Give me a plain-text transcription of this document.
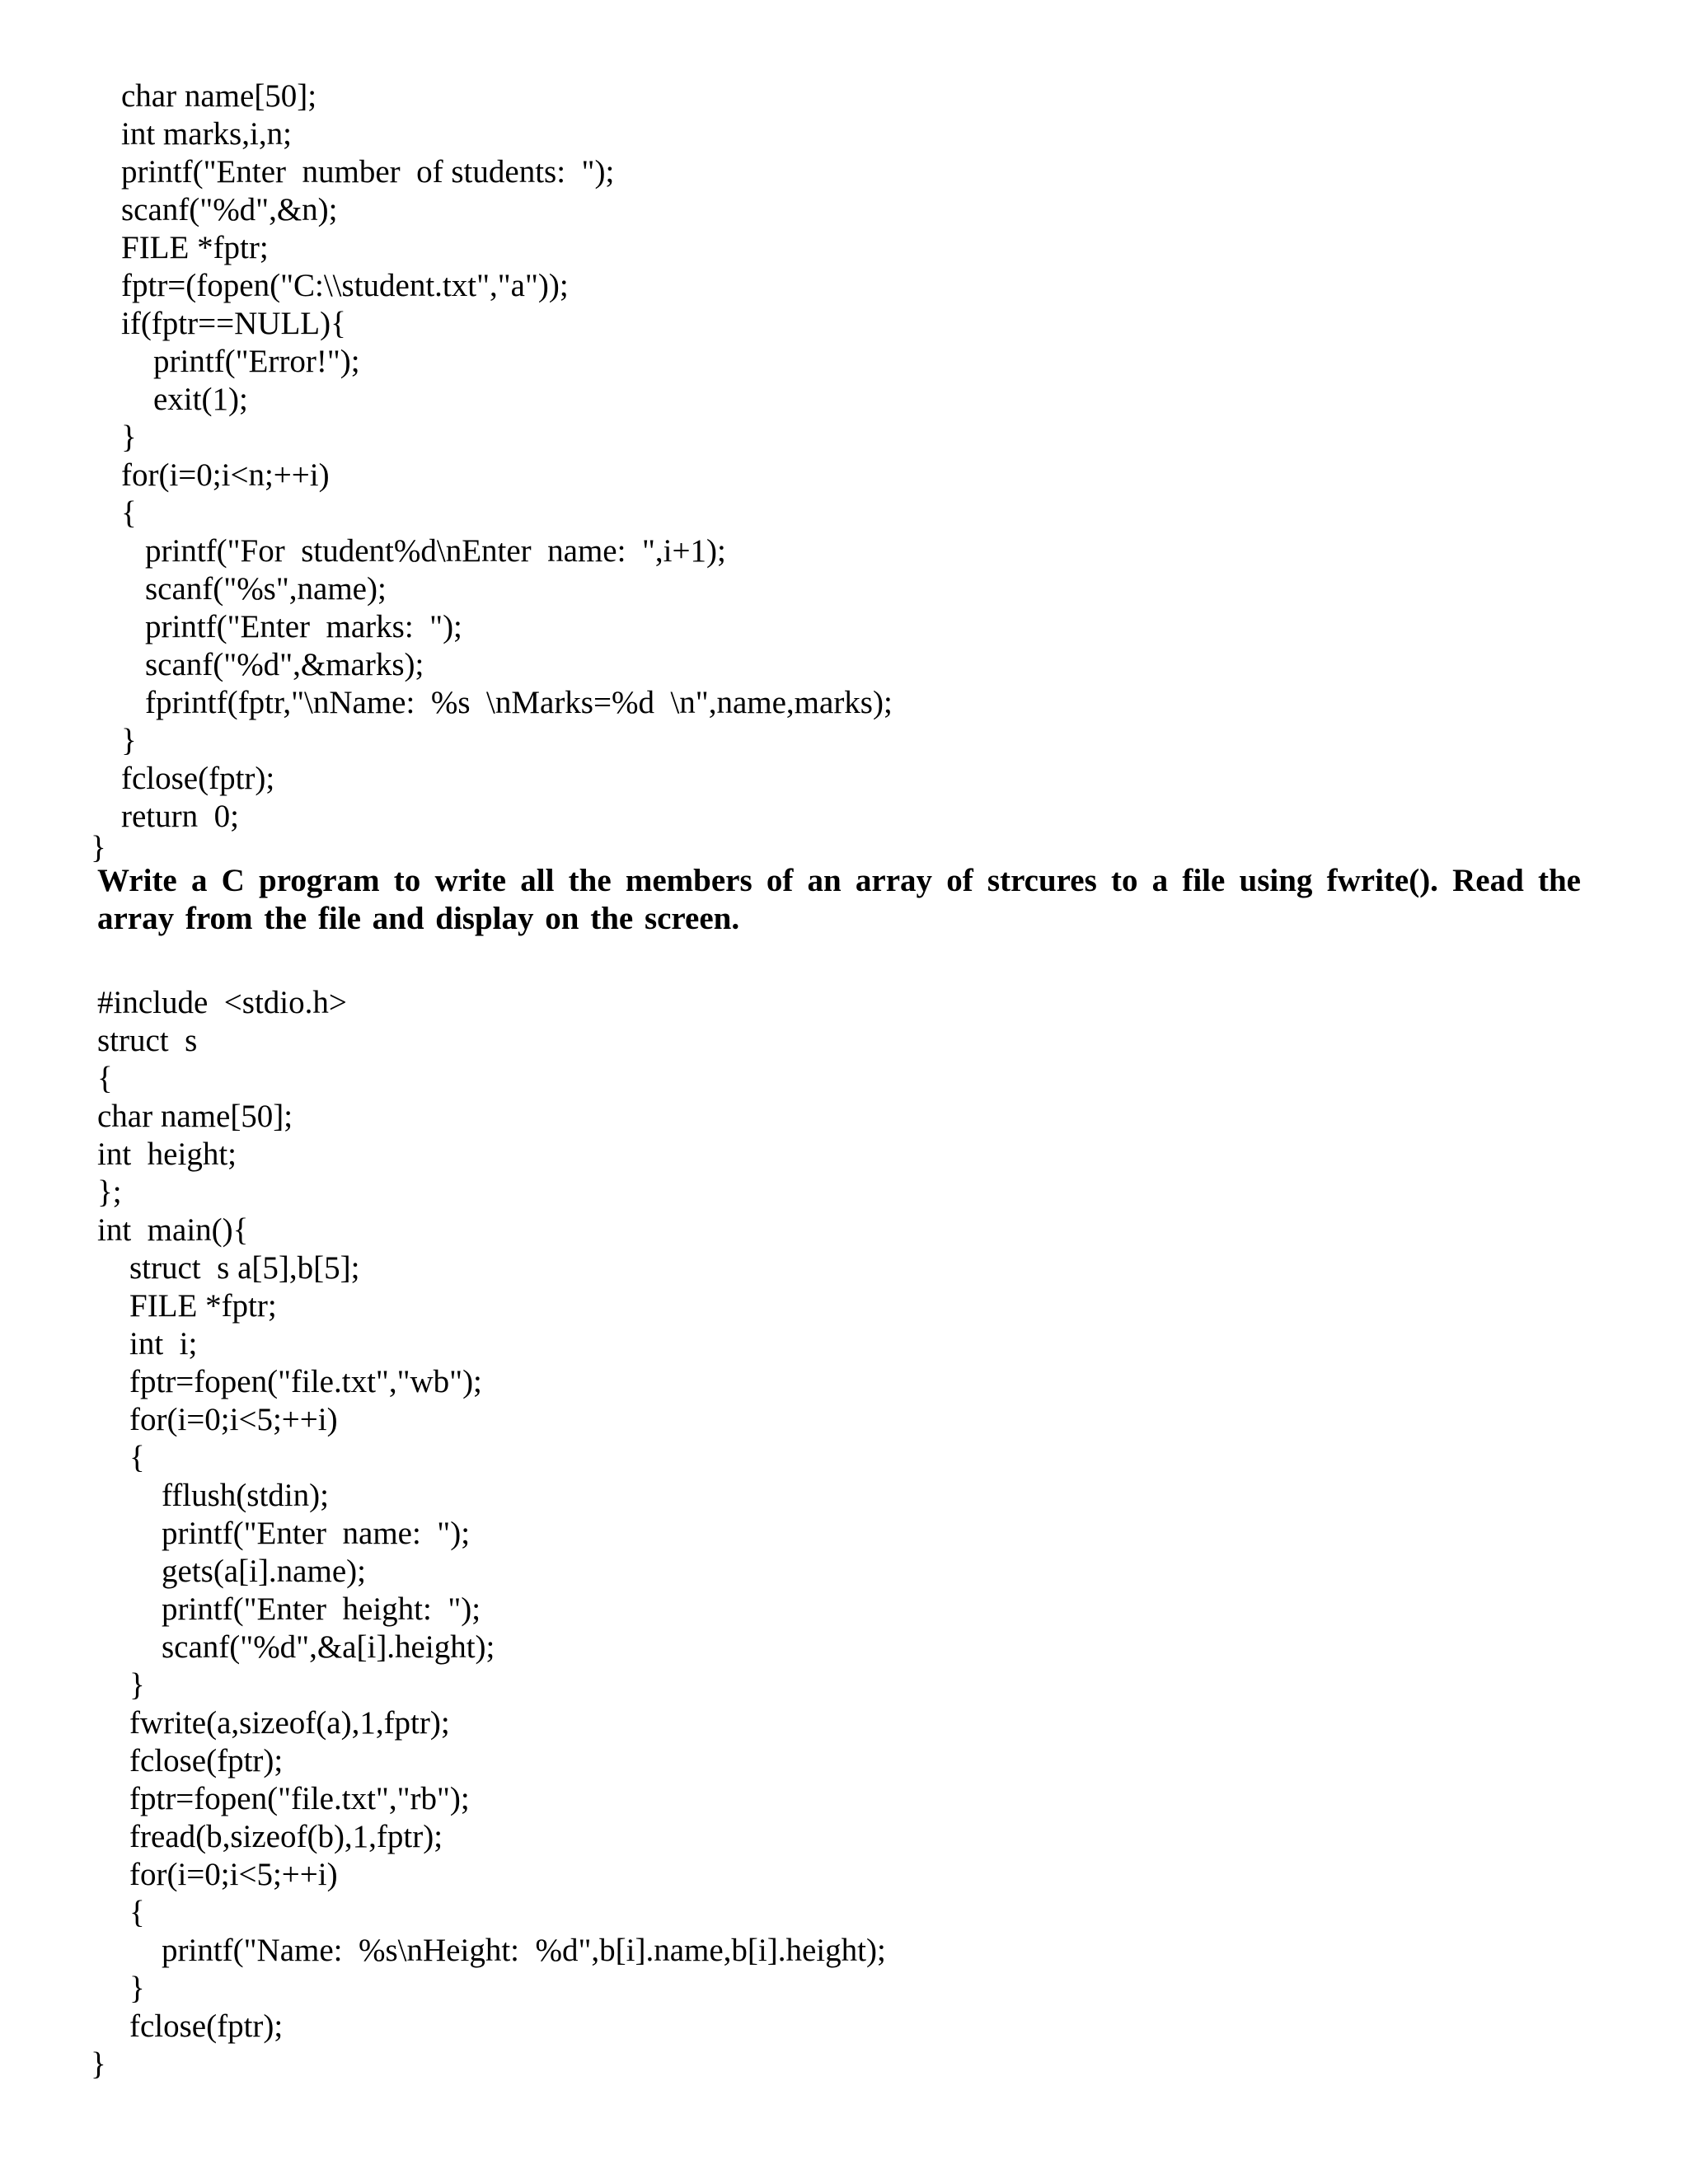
char name[50];
int marks,i,n;
printf("Enter  number  of students:  ");
scanf("%d",&n);
FILE *fptr;
fptr=(fopen("C:\\student.txt","a"));
if(fptr==NULL){
printf("Error!");
exit(1);
}
for(i=0;i<n;++i)
{
printf("For  student%d\nEnter  name:  ",i+1);
scanf("%s",name);
printf("Enter  marks:  ");
scanf("%d",&marks);
fprintf(fptr,"\nName:  %s  \nMarks=%d  \n",name,marks);
}
fclose(fptr);
return  0;
}
Write a C program to write all the members of an array of strcures to a file using fwrite(). Read the array from the file and display on the screen.
#include  <stdio.h>
struct  s
{
char name[50];
int  height;
};
int  main(){
struct  s a[5],b[5];
FILE *fptr;
int  i;
fptr=fopen("file.txt","wb");
for(i=0;i<5;++i)
{
fflush(stdin);
printf("Enter  name:  ");
gets(a[i].name);
printf("Enter  height:  ");
scanf("%d",&a[i].height);
}
fwrite(a,sizeof(a),1,fptr);
fclose(fptr);
fptr=fopen("file.txt","rb");
fread(b,sizeof(b),1,fptr);
for(i=0;i<5;++i)
{
printf("Name:  %s\nHeight:  %d",b[i].name,b[i].height);
}
fclose(fptr);
}
